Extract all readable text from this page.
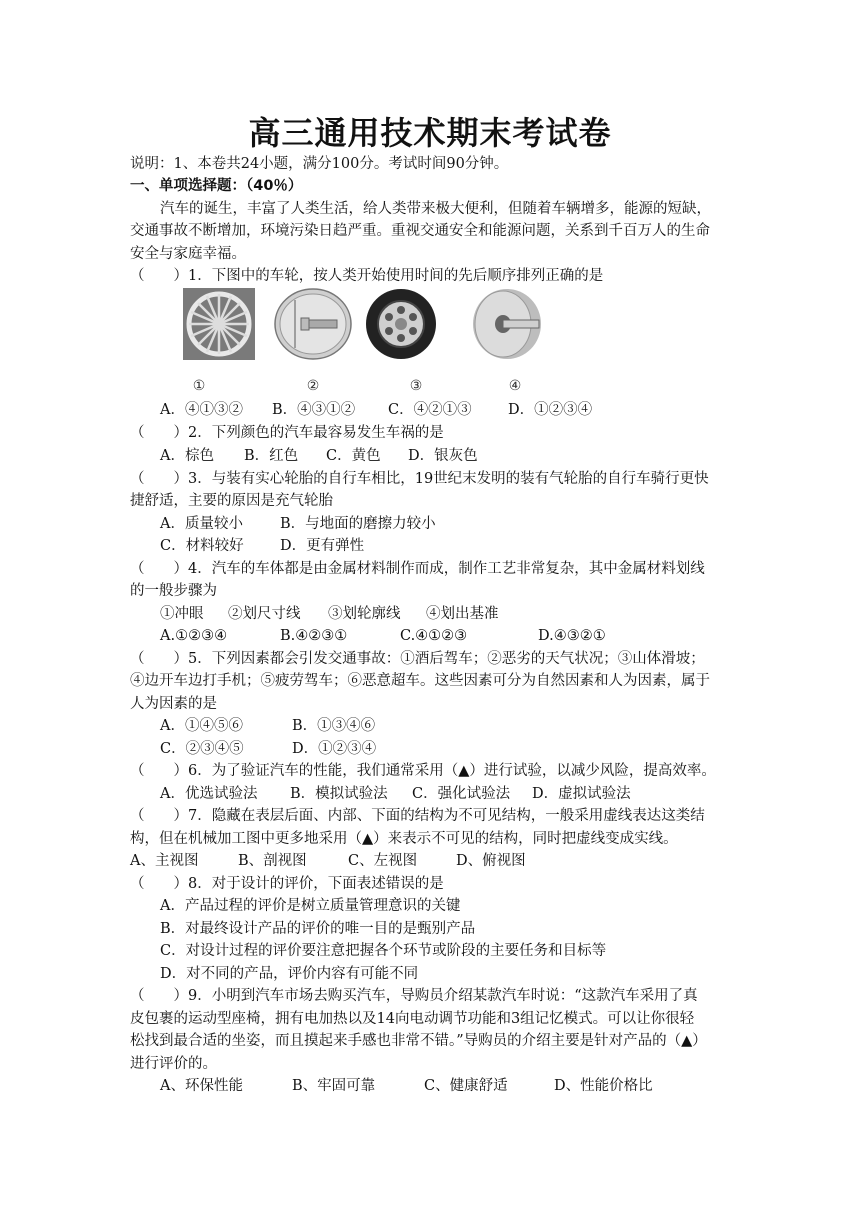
高三通用技术期末考试卷
说明：1、本卷共24小题，满分100分。考试时间90分钟。
一、单项选择题：（40％）
汽车的诞生，丰富了人类生活，给人类带来极大便利，但随着车辆增多，能源的短缺，
交通事故不断增加，环境污染日趋严重。重视交通安全和能源问题，关系到千百万人的生命
安全与家庭幸福。
（　　）1．下图中的车轮，按人类开始使用时间的先后顺序排列正确的是
①	②	③	④
A．④①③② B．④③①② C．④②①③	D．①②③④
（　　）2．下列颜色的汽车最容易发生车祸的是
A．棕色 B．红色 C．黄色 D．银灰色
（　　）3．与装有实心轮胎的自行车相比，19世纪末发明的装有气轮胎的自行车骑行更快
捷舒适，主要的原因是充气轮胎
A．质量较小	B．与地面的磨擦力较小
C．材料较好	D．更有弹性
（　　）4．汽车的车体都是由金属材料制作而成，制作工艺非常复杂，其中金属材料划线
的一般步骤为
①冲眼 ②划尺寸线 ③划轮廓线 ④划出基准
A.①②③④	B.④②③①	C.④①②③	D.④③②①
（　　）5．下列因素都会引发交通事故：①酒后驾车；②恶劣的天气状况；③山体滑坡；
④边开车边打手机；⑤疲劳驾车；⑥恶意超车。这些因素可分为自然因素和人为因素，属于
人为因素的是
A．①④⑤⑥	B．①③④⑥
C．②③④⑤	D．①②③④
（　　）6．为了验证汽车的性能，我们通常采用（▲）进行试验，以减少风险，提高效率。
A．优选试验法 B．模拟试验法 C．强化试验法 D．虚拟试验法
（　　）7．隐藏在表层后面、内部、下面的结构为不可见结构，一般采用虚线表达这类结
构，但在机械加工图中更多地采用（▲）来表示不可见的结构，同时把虚线变成实线。
A、主视图	B、剖视图	C、左视图	D、俯视图
（　　）8．对于设计的评价，下面表述错误的是
A．产品过程的评价是树立质量管理意识的关键
B．对最终设计产品的评价的唯一目的是甄别产品
C．对设计过程的评价要注意把握各个环节或阶段的主要任务和目标等
D．对不同的产品，评价内容有可能不同
（　　）9．小明到汽车市场去购买汽车，导购员介绍某款汽车时说：“这款汽车采用了真
皮包裹的运动型座椅，拥有电加热以及14向电动调节功能和3组记忆模式。可以让你很轻
松找到最合适的坐姿，而且摸起来手感也非常不错。”导购员的介绍主要是针对产品的（▲）
进行评价的。
A、环保性能	B、牢固可靠	C、健康舒适	D、性能价格比
